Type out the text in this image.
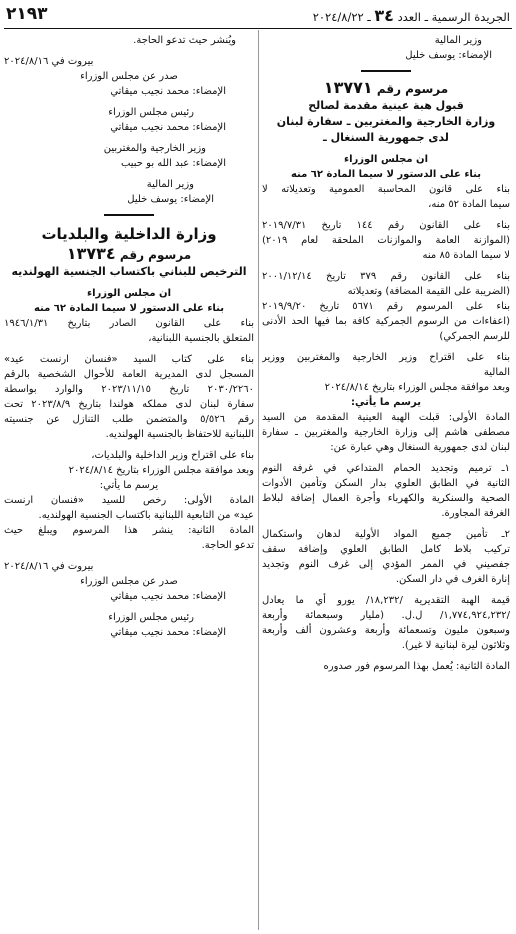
٢١٩٣	الجريدة الرسمية ـ العدد ٣٤ ـ ٢٠٢٤/٨/٢٢
وزير المالية
الإمضاء: يوسف خليل
مرسوم رقم ١٣٧٧١
قبول هبة عينية مقدمة لصالح
وزارة الخارجية والمغتربين ـ سفارة لبنان
لدى جمهورية السنغال ـ
ان مجلس الوزراء
بناء على الدستور لا سيما المادة ٦٢ منه
بناء على قانون المحاسبة العمومية وتعديلاته لا
سيما المادة ٥٢ منه،
بناء على القانون رقم ١٤٤ تاريخ ٢٠١٩/٧/٣١
(الموازنة العامة والموازنات الملحقة لعام ٢٠١٩)
لا سيما المادة ٨٥ منه
بناء على القانون رقم ٣٧٩ تاريخ ٢٠٠١/١٢/١٤
(الضريبة على القيمة المضافة) وتعديلاته
بناء على المرسوم رقم ٥٦٧١ تاريخ ٢٠١٩/٩/٢٠
(اعفاءات من الرسوم الجمركية كافة بما فيها الحد الأدنى
للرسم الجمركي)
بناء على اقتراح وزير الخارجية والمغتربين ووزير
المالية
وبعد موافقة مجلس الوزراء بتاريخ ٢٠٢٤/٨/١٤
يرسم ما يأتي:
المادة الأولى: قبلت الهبة العينية المقدمة من السيد
مصطفى هاشم إلى وزارة الخارجية والمغتربين ـ سفارة
لبنان لدى جمهورية السنغال وهي عبارة عن:
١ـ ترميم وتجديد الحمام المتداعي في غرفة النوم
الثانية في الطابق العلوي بدار السكن وتأمين الأدوات
الصحية والسنكرية والكهرباء وأجرة العمال إضافة لبلاط
الغرفة المجاورة.
٢ـ تأمين جميع المواد الأولية لدهان واستكمال
تركيب بلاط كامل الطابق العلوي وإضافة سقف
جفصيني في الممر المؤدي إلى غرف النوم وتجديد
إنارة الغرف في دار السكن.
قيمة الهبة التقديرية /١٨,٢٣٢/ يورو أي ما يعادل
/١,٧٧٤,٩٢٤,٢٣٢/ ل.ل. (مليار وسبعمائة وأربعة
وسبعون مليون وتسعمائة وأربعة وعشرون ألف وأربعة
وثلاثون ليرة لبنانية لا غير).
المادة الثانية: يُعمل بهذا المرسوم فور صدوره
ويُنشر حيث تدعو الحاجة.
بيروت في ٢٠٢٤/٨/١٦
صدر عن مجلس الوزراء
الإمضاء: محمد نجيب ميقاتي
رئيس مجلس الوزراء
الإمضاء: محمد نجيب ميقاتي
وزير الخارجية والمغتربين
الإمضاء: عبد الله بو حبيب
وزير المالية
الإمضاء: يوسف خليل
وزارة الداخلية والبلديات
مرسوم رقم ١٣٧٣٤
الترخيص للبناني باكتساب الجنسية الهولنديه
ان مجلس الوزراء
بناء على الدستور لا سيما المادة ٦٢ منه
بناء على القانون الصادر بتاريخ ١٩٤٦/١/٣١
المتعلق بالجنسية اللبنانية،
بناء على كتاب السيد «فنسان ارنست عيد»
المسجل لدى المديرية العامة للأحوال الشخصية بالرقم
٢٠٣٠/٢٢٦٠ تاريخ ٢٠٢٣/١١/١٥ والوارد بواسطة
سفارة لبنان لدى مملكه هولندا بتاريخ ٢٠٢٣/٨/٩ تحت
رقم ٥/٥٢٦ والمتضمن طلب التنازل عن جنسيته
اللبنانية للاحتفاظ بالجنسية الهولنديه.
بناء على اقتراح وزير الداخلية والبلديات،
وبعد موافقة مجلس الوزراء بتاريخ ٢٠٢٤/٨/١٤
يرسم ما يأتي:
المادة الأولى: رخص للسيد «فنسان ارنست
عيد» من التابعية اللبنانية باكتساب الجنسية الهولنديه.
المادة الثانية: ينشر هذا المرسوم ويبلغ حيث
تدعو الحاجة.
بيروت في ٢٠٢٤/٨/١٦
صدر عن مجلس الوزراء
الإمضاء: محمد نجيب ميقاتي
رئيس مجلس الوزراء
الإمضاء: محمد نجيب ميقاتي
